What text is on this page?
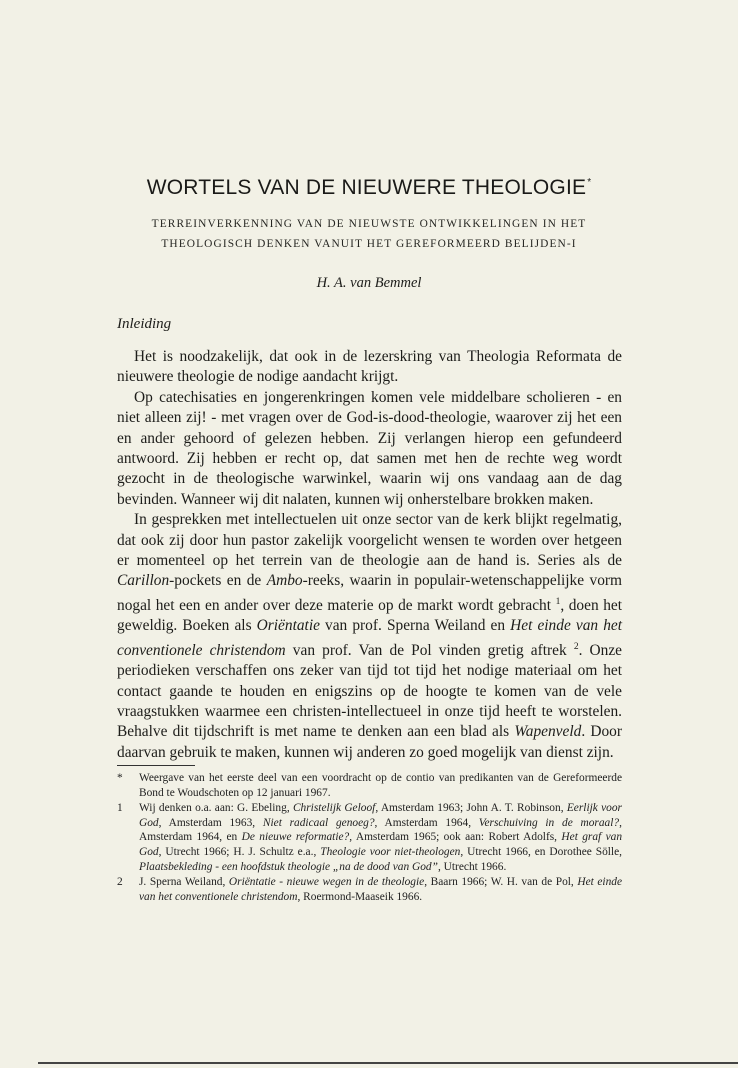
WORTELS VAN DE NIEUWERE THEOLOGIE*
TERREINVERKENNING VAN DE NIEUWSTE ONTWIKKELINGEN IN HET
THEOLOGISCH DENKEN VANUIT HET GEREFORMEERD BELIJDEN-I
H. A. van Bemmel
Inleiding

Het is noodzakelijk, dat ook in de lezerskring van Theologia Reformata de nieuwere theologie de nodige aandacht krijgt.

Op catechisaties en jongerenkringen komen vele middelbare scholieren - en niet alleen zij! - met vragen over de God-is-dood-theologie, waarover zij het een en ander gehoord of gelezen hebben. Zij verlangen hierop een gefundeerd antwoord. Zij hebben er recht op, dat samen met hen de rechte weg wordt gezocht in de theologische warwinkel, waarin wij ons vandaag aan de dag bevinden. Wanneer wij dit nalaten, kunnen wij onherstelbare brokken maken.

In gesprekken met intellectuelen uit onze sector van de kerk blijkt regelmatig, dat ook zij door hun pastor zakelijk voorgelicht wensen te worden over hetgeen er momenteel op het terrein van de theologie aan de hand is. Series als de Carillon-pockets en de Ambo-reeks, waarin in populair-wetenschappelijke vorm nogal het een en ander over deze materie op de markt wordt gebracht $^1$, doen het geweldig. Boeken als Oriëntatie van prof. Sperna Weiland en Het einde van het conventionele christendom van prof. Van de Pol vinden gretig aftrek $^2$. Onze periodieken verschaffen ons zeker van tijd tot tijd het nodige materiaal om het contact gaande te houden en enigszins op de hoogte te komen van de vele vraagstukken waarmee een christen-intellectueel in onze tijd heeft te worstelen. Behalve dit tijdschrift is met name te denken aan een blad als Wapenveld. Door daarvan gebruik te maken, kunnen wij anderen zo goed mogelijk van dienst zijn.

* Weergave van het eerste deel van een voordracht op de contio van predikanten van de Gereformeerde Bond te Woudschoten op 12 januari 1967.
1 Wij denken o.a. aan: G. Ebeling, Christelijk Geloof, Amsterdam 1963; John A. T. Robinson, Eerlijk voor God, Amsterdam 1963, Niet radicaal genoeg?, Amsterdam 1964, Verschuiving in de moraal?, Amsterdam 1964, en De nieuwe reformatie?, Amsterdam 1965; ook aan: Robert Adolfs, Het graf van God, Utrecht 1966; H. J. Schultz e.a., Theologie voor niet-theologen, Utrecht 1966, en Dorothee Sölle, Plaatsbekleding - een hoofdstuk theologie „na de dood van God”, Utrecht 1966.
2 J. Sperna Weiland, Oriëntatie - nieuwe wegen in de theologie, Baarn 1966; W. H. van de Pol, Het einde van het conventionele christendom, Roermond-Maaseik 1966.
